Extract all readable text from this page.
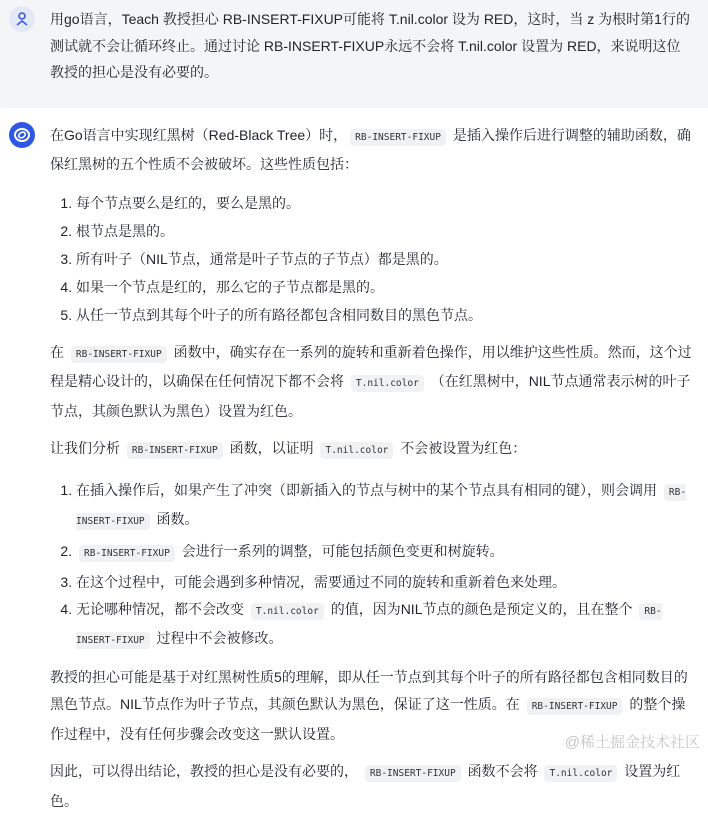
用go语言，Teach 教授担心 RB-INSERT-FIXUP可能将 T.nil.color 设为 RED，这时，当 z 为根时第1行的测试就不会让循环终止。通过讨论 RB-INSERT-FIXUP永远不会将 T.nil.color 设置为 RED，来说明这位教授的担心是没有必要的。

在Go语言中实现红黑树（Red-Black Tree）时， RB-INSERT-FIXUP 是插入操作后进行调整的辅助函数，确保红黑树的五个性质不会被破坏。这些性质包括：

1. 每个节点要么是红的，要么是黑的。
2. 根节点是黑的。
3. 所有叶子（NIL节点，通常是叶子节点的子节点）都是黑的。
4. 如果一个节点是红的，那么它的子节点都是黑的。
5. 从任一节点到其每个叶子的所有路径都包含相同数目的黑色节点。

在 RB-INSERT-FIXUP 函数中，确实存在一系列的旋转和重新着色操作，用以维护这些性质。然而，这个过程是精心设计的，以确保在任何情况下都不会将 T.nil.color （在红黑树中，NIL节点通常表示树的叶子节点，其颜色默认为黑色）设置为红色。

让我们分析 RB-INSERT-FIXUP 函数，以证明 T.nil.color 不会被设置为红色：

1. 在插入操作后，如果产生了冲突（即新插入的节点与树中的某个节点具有相同的键），则会调用 RB-INSERT-FIXUP 函数。
2. RB-INSERT-FIXUP 会进行一系列的调整，可能包括颜色变更和树旋转。
3. 在这个过程中，可能会遇到多种情况，需要通过不同的旋转和重新着色来处理。
4. 无论哪种情况，都不会改变 T.nil.color 的值，因为NIL节点的颜色是预定义的，且在整个 RB-INSERT-FIXUP 过程中不会被修改。

教授的担心可能是基于对红黑树性质5的理解，即从任一节点到其每个叶子的所有路径都包含相同数目的黑色节点。NIL节点作为叶子节点，其颜色默认为黑色，保证了这一性质。在 RB-INSERT-FIXUP 的整个操作过程中，没有任何步骤会改变这一默认设置。

因此，可以得出结论，教授的担心是没有必要的， RB-INSERT-FIXUP 函数不会将 T.nil.color 设置为红色。

@稀土掘金技术社区
